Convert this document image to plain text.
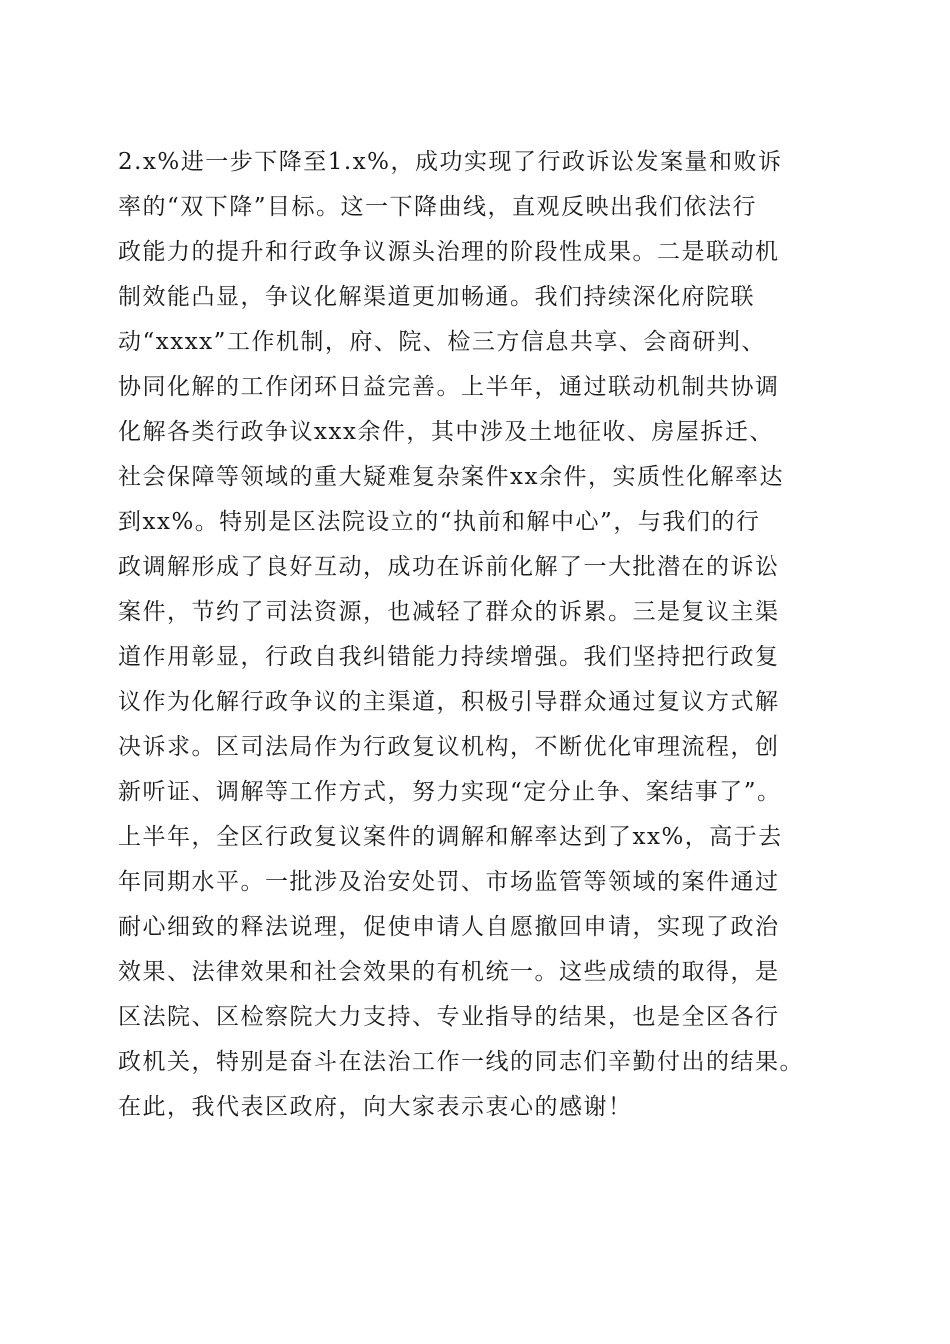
2.x%进一步下降至1.x%，成功实现了行政诉讼发案量和败诉
率的“双下降”目标。这一下降曲线，直观反映出我们依法行
政能力的提升和行政争议源头治理的阶段性成果。二是联动机
制效能凸显，争议化解渠道更加畅通。我们持续深化府院联
动“xxxx”工作机制，府、院、检三方信息共享、会商研判、
协同化解的工作闭环日益完善。上半年，通过联动机制共协调
化解各类行政争议xxx余件，其中涉及土地征收、房屋拆迁、
社会保障等领域的重大疑难复杂案件xx余件，实质性化解率达
到xx%。特别是区法院设立的“执前和解中心”，与我们的行
政调解形成了良好互动，成功在诉前化解了一大批潜在的诉讼
案件，节约了司法资源，也减轻了群众的诉累。三是复议主渠
道作用彰显，行政自我纠错能力持续增强。我们坚持把行政复
议作为化解行政争议的主渠道，积极引导群众通过复议方式解
决诉求。区司法局作为行政复议机构，不断优化审理流程，创
新听证、调解等工作方式，努力实现“定分止争、案结事了”。
上半年，全区行政复议案件的调解和解率达到了xx%，高于去
年同期水平。一批涉及治安处罚、市场监管等领域的案件通过
耐心细致的释法说理，促使申请人自愿撤回申请，实现了政治
效果、法律效果和社会效果的有机统一。这些成绩的取得，是
区法院、区检察院大力支持、专业指导的结果，也是全区各行
政机关，特别是奋斗在法治工作一线的同志们辛勤付出的结果。
在此，我代表区政府，向大家表示衷心的感谢！
